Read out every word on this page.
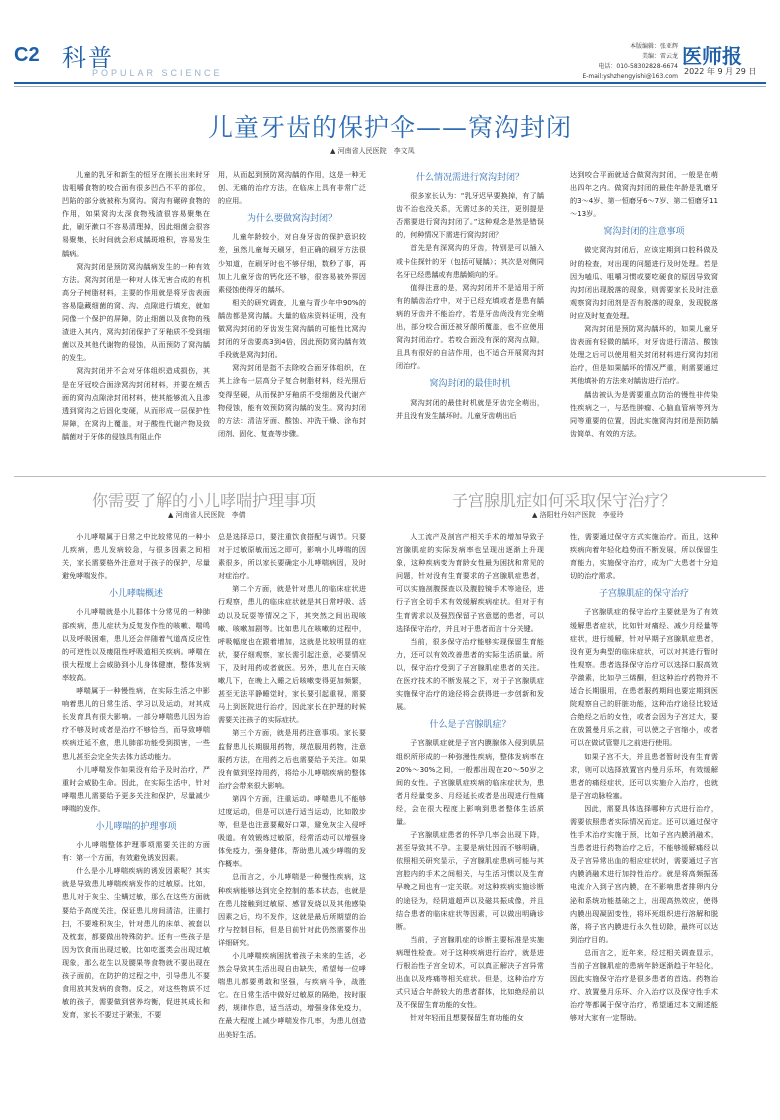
C2 科普
POPULAR SCIENCE
本版编辑：张亚辉
美编：雷云龙
电话：010-58302828-6674
E-mail:yshzhengyishi@163.com
医师报
2022 年 9 月 29 日
儿童牙齿的保护伞——窝沟封闭
▲ 河南省人民医院　李文凤

儿童的乳牙和新生的恒牙在刚长出来时牙齿咀嚼食物的咬合面有很多凹凸不平的部位，凹陷的部分就被称为窝沟。窝沟有碾碎食物的作用，如果窝沟太深食物残渣很容易聚集在此，刷牙漱口不容易清理掉，因此细菌会很容易聚集，长时间就会形成龋斑堆积，容易发生龋病。

窝沟封闭是预防窝沟龋病发生的一种有效方法。窝沟封闭是一种对人体无害合成的有机高分子树脂材料，主要的作用就是将牙齿表面容易隐藏细菌的窝、沟、点隙进行填充，就如同像一个保护的屏障，防止细菌以及食物的残渣进入其内，窝沟封闭保护了牙釉质不受到细菌以及其他代谢物的侵蚀，从而预防了窝沟龋的发生。

窝沟封闭并不会对牙体组织造成损伤，其是在牙冠咬合面涂窝沟封闭材料，并要在颊舌面的窝沟点隙涂封闭材料，使其能够流入且渗透到窝沟之后固化变硬，从而形成一层保护性屏障，在窝沟上覆盖，对于酸性代谢产物及致龋菌对于牙体的侵蚀具有阻止作

用，从而起到预防窝沟龋的作用，这是一种无创、无痛的治疗方法，在临床上具有非常广泛的应用。

为什么要做窝沟封闭？

儿童年龄较小，对自身牙齿的保护意识较差，虽然儿童每天刷牙，但正确的刷牙方法很少知道，在刷牙时也不够仔细，数秒了事，再加上儿童牙齿的钙化还不够，很容易被外界因素侵蚀使得牙的龋坏。

相关的研究调查，儿童与青少年中90%的龋齿都是窝沟龋。大量的临床资料证明，没有做窝沟封闭的牙齿发生窝沟龋的可能性比窝沟封闭的牙齿要高3到4倍，因此预防窝沟龋有效手段就是窝沟封闭。

窝沟封闭是指不去除咬合面牙体组织，在其上涂布一层高分子复合树脂材料，经光照后变得坚硬，从而保护牙釉质不受细菌及代谢产物侵蚀，能有效预防窝沟龋的发生。窝沟封闭的方法：清洁牙面、酸蚀、冲洗干燥、涂布封闭剂、固化、复查等步骤。

什么情况需进行窝沟封闭？

很多家长认为：“乳牙迟早要换掉，有了龋齿不治也没关系，无需过多的关注，更别提是否需要进行窝沟封闭了。”这种观念是然是错误的，何种情况下需进行窝沟封闭？

首先是有深窝沟的牙齿，特别是可以插入或卡住探针的牙（包括可疑龋）；其次是对侧同名牙已经患龋或有患龋倾向的牙。

值得注意的是，窝沟封闭并不是适用于所有的龋齿治疗中，对于已经充填或者是患有龋病的牙齿并不能治疗，若是牙齿尚没有完全萌出，部分咬合面还被牙龈所覆盖，也不应使用窝沟封闭治疗。若咬合面没有深的窝沟点隙，且具有很好的自洁作用，也不适合开展窝沟封闭治疗。

窝沟封闭的最佳时机

窝沟封闭的最佳时机就是牙齿完全萌出，并且没有发生龋坏时。儿童牙齿萌出后

达到咬合平面就适合做窝沟封闭，一般是在萌出四年之内。做窝沟封闭的最佳年龄是乳磨牙的3～4岁、第一恒磨牙6～7岁、第二恒磨牙11～13岁。

窝沟封闭的注意事项

做完窝沟封闭后，应该定期到口腔科做及时的检查，对出现的问题进行及时处理。若是因为嗑瓜、咀嚼习惯或要吃硬食的原因导致窝沟封闭出现脱落的现象，则需要家长及时注意观察窝沟封闭剂是否有脱落的现象，发现脱落时应及时复查处理。

窝沟封闭是预防窝沟龋坏的，如果儿童牙齿表面有轻微的龋坏，对牙齿进行清洁、酸蚀处理之后可以使用相关封闭材料进行窝沟封闭治疗，但是如果龋坏的情况严重，则需要通过其他填补的方法来对龋齿进行治疗。

龋齿被认为是需要重点防治的慢性非传染性疾病之一，与恶性肿瘤、心脑血管病等列为同等重要的位置，因此实施窝沟封闭是预防龋齿简单、有效的方法。

你需要了解的小儿哮喘护理事项
▲ 河南省人民医院　李倩

小儿哮喘属于日常之中比较常见的一种小儿疾病，患儿发病较急，与很多因素之间相关，家长需要格外注意对于孩子的保护，尽量避免哮喘发作。

小儿哮喘概述

小儿哮喘就是小儿群体十分常见的一种肺部疾病，患儿症状为反复发作性的咳嗽、喘鸣以及呼吸困难，患儿还会伴随着气道高反应性的可逆性以及瘘阻性呼吸道相关疾病。哮喘在很大程度上会威胁到小儿身体健康，整体发病率较高。

哮喘属于一种慢性病，在实际生活之中影响着患儿的日常生活、学习以及运动，对其成长发育具有很大影响。一部分哮喘患儿因为治疗不够及时或者是治疗不够恰当，而导致哮喘疾病迁延不愈，患儿肺部功能受到损害，一些患儿甚至会完全失去体力活动能力。

小儿哮喘发作如果没有给予及时治疗，严重时会威胁生命。因此，在实际生活中，针对哮喘患儿需要给予更多关注和保护，尽量减少哮喘的发作。

小儿哮喘的护理事项

小儿哮喘整体护理事项需要关注的方面有：第一个方面，有效避免诱发因素。

什么是小儿哮喘疾病的诱发因素呢？其实就是导致患儿哮喘疾病发作的过敏原。比如，患儿对于灰尘、尘螨过敏，那么在这些方面就要给予高度关注，保证患儿房间清洁，注重打扫，不要堆积灰尘，针对患儿的床单、被套以及枕套，都要做出特殊防护。还有一些孩子是因为饮食而出现过敏，比如吃蛋类会出现过敏现象，那么花生以及腰果等食物就不要出现在孩子面前，在防护的过程之中，引导患儿不要食用放其发病的食物。反之，对这些物质不过敏的孩子，需要做到营养均衡，促进其成长和发育，家长不要过于紧张，不要

总是选择忌口，要注重饮食搭配与调节。只要对于过敏原敏而远之即可，影响小儿哮喘的因素很多，所以家长要确定小儿哮喘病因，及时对症治疗。

第二个方面，就是针对患儿的临床症状进行观察，患儿的临床症状就是其日常呼吸、活动以及玩耍等情况之下，其突然之间出现咳嗽、咳嗽加剧等。比如患儿在咳嗽的过程中，呼吸幅度也在跟着增加，这就是比较明显的症状，要仔细观察，家长需引起注意，必要情况下，及时用药或者就医。另外，患儿在白天咳嗽几下，在晚上入睡之后咳嗽变得更加频繁，甚至无法平静睡觉时，家长要引起重视，需要马上到医院进行治疗，因此家长在护理的时候需要关注孩子的实际症状。

第三个方面，就是用药注意事项。家长要监督患儿长期服用药物，规范服用药物，注意服药方法，在用药之后也需要给予关注。如果没有做到坚持用药，将给小儿哮喘疾病的整体治疗会带来很大影响。

第四个方面，注重运动。哮喘患儿不能够过度运动，但是可以进行适当运动，比如散步等，但是也注意要戴好口罩，避免灰尘入侵呼吸道。有效锻炼过敏原，经常活动可以增强身体免疫力，强身健体，帮助患儿减少哮喘的发作概率。

总而言之，小儿哮喘是一种慢性疾病，这种疾病能够达到完全控制的基本状态，也就是在患儿接触到过敏原、感冒发烧以及其他感染因素之后，均不发作，这就是最后所期望的治疗与控制目标，但是目前针对此仍然需要作出详细研究。

小儿哮喘疾病困扰着孩子未来的生活，必然会导致其生活出现自由缺失，希望每一位哮喘患儿都要勇敢和坚强，与疾病斗争，战胜它。在日常生活中做好过敏原的隔绝，按时服药，规律作息，适当活动，增强身体免疫力，在最大程度上减少哮喘发作几率，为患儿创造出美好生活。

子宫腺肌症如何采取保守治疗？
▲ 洛阳牡丹妇产医院　李爱玲

人工流产及剖宫产相关手术的增加导致子宫腺肌症的实际发病率也呈现出逐渐上升现象，这种疾病变为育龄女性最为困扰和常见的问题，针对没有生育要求的子宫腺肌症患者，可以实施剖腹探查以及腹腔镜手术等途径，进行子宫全切手术有效缓解疾病症状。但对于有生育需求以及强烈保留子宫意愿的患者，可以选择保守治疗，并且对于患者而言十分关键。

当前，很多保守治疗能够实现保留生育能力，还可以有效改善患者的实际生活质量。所以，保守治疗受到了子宫腺肌症患者的关注。在医疗技术的不断发展之下，对于子宫腺肌症实施保守治疗的途径将会获得进一步创新和发展。

什么是子宫腺肌症？

子宫腺肌症就是子宫内膜腺体入侵到肌层组织所形成的一种弥漫性疾病，整体发病率在20%～30%之间，一般都出现在20～50岁之间的女性。子宫腺肌症疾病的临床症状为，患者月经量变多、月经延长或者是出现进行性痛经，会在很大程度上影响到患者整体生活质量。

子宫腺肌症患者的怀孕几率会出现下降，甚至导致其不孕。主要是病灶因而不够明确，依照相关研究显示，子宫腺肌症患病可能与其宫腔内的手术之间相关，与生活习惯以及生育早晚之间也有一定关联。对这种疾病实施诊断的途径为，经阴道超声以及磁共振成像，并且结合患者的临床症状等因素，可以做出明确诊断。

当前，子宫腺肌症的诊断主要标准是实施病理性检查。对于这种疾病进行治疗，就是进行根治性子宫全切术，可以真正解决子宫异常出血以及疼痛等相关症状。但是，这种治疗方式只适合年龄较大的患者群体，比如绝经前以及不保留生育功能的女性。

针对年轻而且想要保留生育功能的女

性，需要通过保守方式实施治疗。而且，这种疾病向着年轻化趋势而不断发展，所以保留生育能力，实施保守治疗，成为广大患者十分迫切的治疗需求。

子宫腺肌症的保守治疗

子宫腺肌症的保守治疗主要就是为了有效缓解患者症状，比如针对痛经、减少月经量等症状，进行缓解，针对早期子宫腺肌症患者，没有更为典型的临床症状，可以对其进行暂时性观察。患者选择保守治疗可以选择口服高效孕激素，比如孕三烯酮，但这种治疗药物并不适合长期服用，在患者服药期间也要定期到医院观察自己的肝脏功能，这种治疗途径比较适合绝经之后的女性，或者会因为子宫过大，要在放置曼月乐之前，可以使之子宫缩小，或者可以在做试管婴儿之前进行使用。

如果子宫不大，并且患者暂时没有生育需求，则可以选择放置宫内曼月乐环，有效缓解患者的痛经症状，还可以实施介入治疗，也就是子宫动脉栓塞。

因此，需要具体选择哪种方式进行治疗，需要依照患者实际情况而定。还可以通过保守性手术治疗实施于预，比如子宫内膜消融术，当患者进行药物治疗之后，不能够缓解痛经以及子宫异常出血的相应症状时，需要通过子宫内膜消融术进行加持性治疗。就是将高频振荡电流介入到子宫内膜，在不影响患者排卵内分泌和系统功能基础之上，出现高热效应，使得内膜出现凝固变性，将坏死组织进行溶解和脱落，将子宫内膜进行永久性切除，最终可以达到治疗目的。

总而言之，近年来，经过相关调查显示，当前子宫腺肌症的患病年龄逐渐趋于年轻化，因此实施保守治疗是很多患者的首选。药物治疗、放置曼月乐环、介入治疗以及保守性手术治疗等都属于保守治疗，希望通过本文阐述能够对大家有一定帮助。
